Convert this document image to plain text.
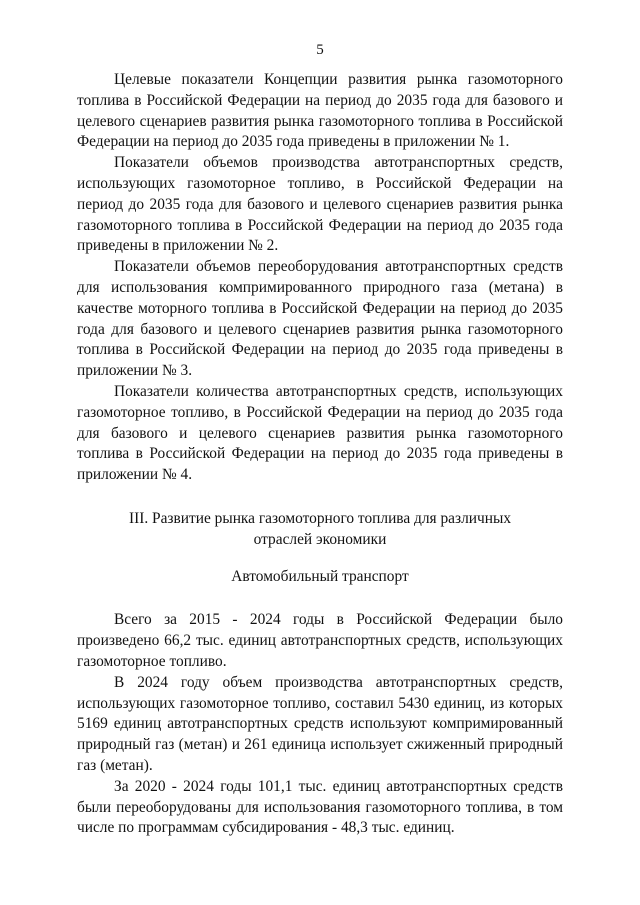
5

Целевые показатели Концепции развития рынка газомоторного топлива в Российской Федерации на период до 2035 года для базового и целевого сценариев развития рынка газомоторного топлива в Российской Федерации на период до 2035 года приведены в приложении № 1.

Показатели объемов производства автотранспортных средств, использующих газомоторное топливо, в Российской Федерации на период до 2035 года для базового и целевого сценариев развития рынка газомоторного топлива в Российской Федерации на период до 2035 года приведены в приложении № 2.

Показатели объемов переоборудования автотранспортных средств для использования компримированного природного газа (метана) в качестве моторного топлива в Российской Федерации на период до 2035 года для базового и целевого сценариев развития рынка газомоторного топлива в Российской Федерации на период до 2035 года приведены в приложении № 3.

Показатели количества автотранспортных средств, использующих газомоторное топливо, в Российской Федерации на период до 2035 года для базового и целевого сценариев развития рынка газомоторного топлива в Российской Федерации на период до 2035 года приведены в приложении № 4.

III. Развитие рынка газомоторного топлива для различных
отраслей экономики
Автомобильный транспорт

Всего за 2015 - 2024 годы в Российской Федерации было произведено 66,2 тыс. единиц автотранспортных средств, использующих газомоторное топливо.

В 2024 году объем производства автотранспортных средств, использующих газомоторное топливо, составил 5430 единиц, из которых 5169 единиц автотранспортных средств используют компримированный природный газ (метан) и 261 единица использует сжиженный природный газ (метан).

За 2020 - 2024 годы 101,1 тыс. единиц автотранспортных средств были переоборудованы для использования газомоторного топлива, в том числе по программам субсидирования - 48,3 тыс. единиц.
